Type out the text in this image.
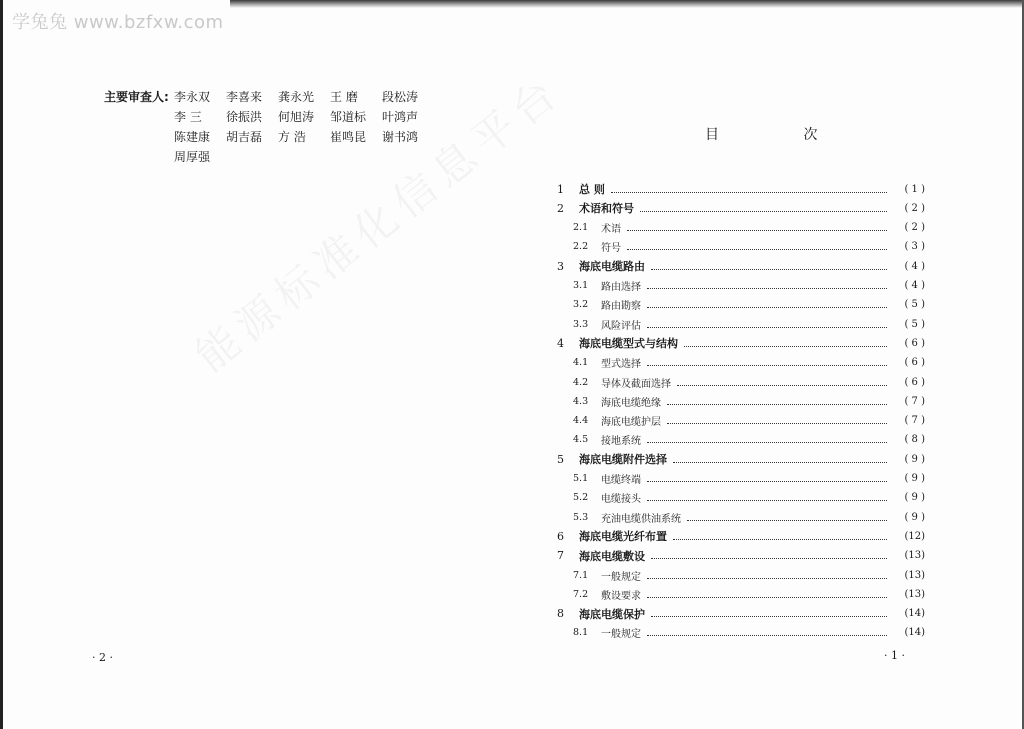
学兔兔 www.bzfxw.com
主要审查人: 李永双	李喜来	龚永光	王 磨	段松涛
李 三	徐振洪	何旭涛	邹道标	叶鸿声
陈建康	胡吉磊	方 浩	崔鸣昆	谢书鸿
周厚强
· 2 ·
目 次
1	总 则	( 1 )
2	术语和符号	( 2 )
2.1	术语	( 2 )
2.2	符号	( 3 )
3	海底电缆路由	( 4 )
3.1	路由选择	( 4 )
3.2	路由勘察	( 5 )
3.3	风险评估	( 5 )
4	海底电缆型式与结构	( 6 )
4.1	型式选择	( 6 )
4.2	导体及截面选择	( 6 )
4.3	海底电缆绝缘	( 7 )
4.4	海底电缆护层	( 7 )
4.5	接地系统	( 8 )
5	海底电缆附件选择	( 9 )
5.1	电缆终端	( 9 )
5.2	电缆接头	( 9 )
5.3	充油电缆供油系统	( 9 )
6	海底电缆光纤布置	(12)
7	海底电缆敷设	(13)
7.1	一般规定	(13)
7.2	敷设要求	(13)
8	海底电缆保护	(14)
8.1	一般规定	(14)
· 1 ·
